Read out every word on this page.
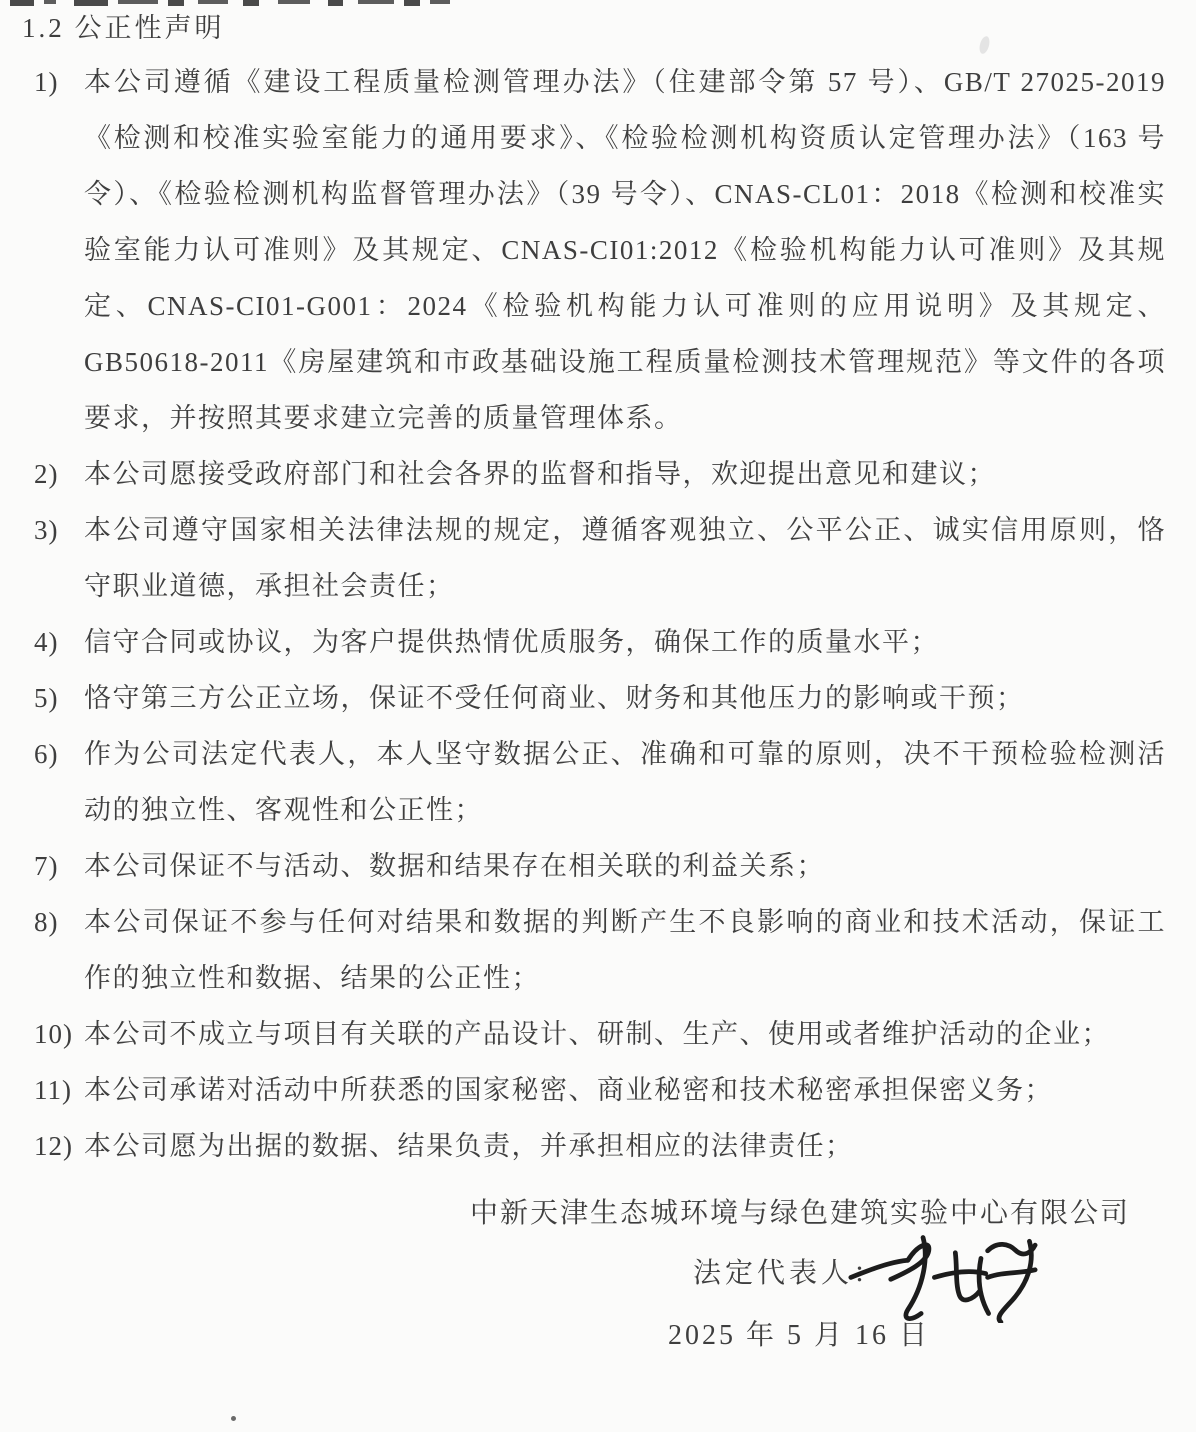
1.2 公正性声明
1) 本公司遵循《建设工程质量检测管理办法》（住建部令第 57 号）、GB/T 27025-2019《检测和校准实验室能力的通用要求》、《检验检测机构资质认定管理办法》（163 号令）、《检验检测机构监督管理办法》（39 号令）、CNAS-CL01：2018《检测和校准实验室能力认可准则》及其规定、CNAS-CI01:2012《检验机构能力认可准则》及其规定、CNAS-CI01-G001：2024《检验机构能力认可准则的应用说明》及其规定、GB50618-2011《房屋建筑和市政基础设施工程质量检测技术管理规范》等文件的各项要求，并按照其要求建立完善的质量管理体系。
2) 本公司愿接受政府部门和社会各界的监督和指导，欢迎提出意见和建议；
3) 本公司遵守国家相关法律法规的规定，遵循客观独立、公平公正、诚实信用原则，恪守职业道德，承担社会责任；
4) 信守合同或协议，为客户提供热情优质服务，确保工作的质量水平；
5) 恪守第三方公正立场，保证不受任何商业、财务和其他压力的影响或干预；
6) 作为公司法定代表人，本人坚守数据公正、准确和可靠的原则，决不干预检验检测活动的独立性、客观性和公正性；
7) 本公司保证不与活动、数据和结果存在相关联的利益关系；
8) 本公司保证不参与任何对结果和数据的判断产生不良影响的商业和技术活动，保证工作的独立性和数据、结果的公正性；
10) 本公司不成立与项目有关联的产品设计、研制、生产、使用或者维护活动的企业；
11) 本公司承诺对活动中所获悉的国家秘密、商业秘密和技术秘密承担保密义务；
12) 本公司愿为出据的数据、结果负责，并承担相应的法律责任；
中新天津生态城环境与绿色建筑实验中心有限公司
法定代表人：
2025 年 5 月 16 日
